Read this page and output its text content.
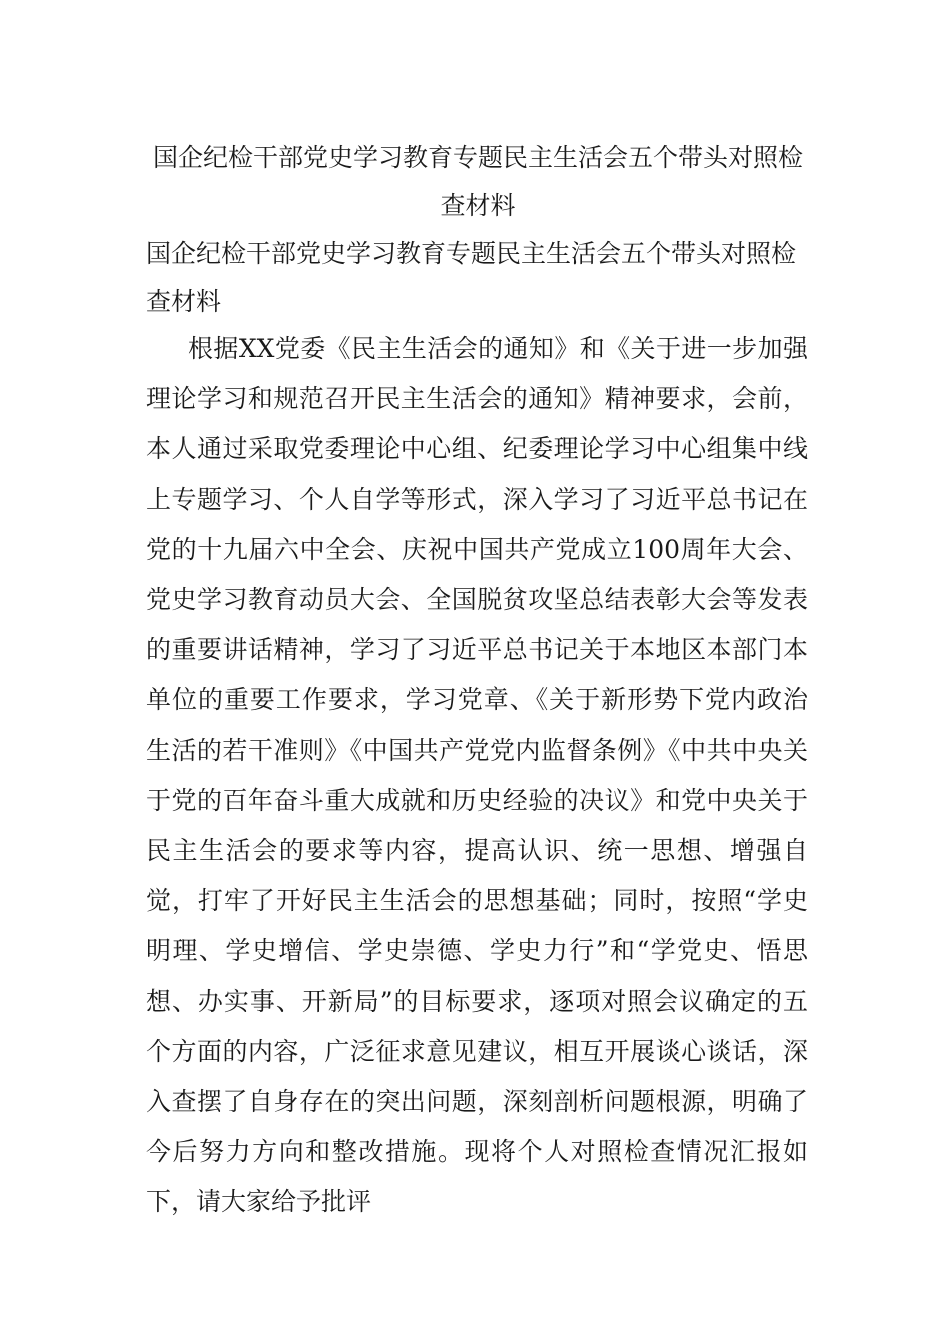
国企纪检干部党史学习教育专题民主生活会五个带头对照检查材料

国企纪检干部党史学习教育专题民主生活会五个带头对照检查材料

根据XX党委《民主生活会的通知》和《关于进一步加强理论学习和规范召开民主生活会的通知》精神要求，会前，本人通过采取党委理论中心组、纪委理论学习中心组集中线上专题学习、个人自学等形式，深入学习了习近平总书记在党的十九届六中全会、庆祝中国共产党成立100周年大会、党史学习教育动员大会、全国脱贫攻坚总结表彰大会等发表的重要讲话精神，学习了习近平总书记关于本地区本部门本单位的重要工作要求，学习党章、《关于新形势下党内政治生活的若干准则》《中国共产党党内监督条例》《中共中央关于党的百年奋斗重大成就和历史经验的决议》和党中央关于民主生活会的要求等内容，提高认识、统一思想、增强自觉，打牢了开好民主生活会的思想基础；同时，按照“学史明理、学史增信、学史崇德、学史力行”和“学党史、悟思想、办实事、开新局”的目标要求，逐项对照会议确定的五个方面的内容，广泛征求意见建议，相互开展谈心谈话，深入查摆了自身存在的突出问题，深刻剖析问题根源，明确了今后努力方向和整改措施。现将个人对照检查情况汇报如下，请大家给予批评
